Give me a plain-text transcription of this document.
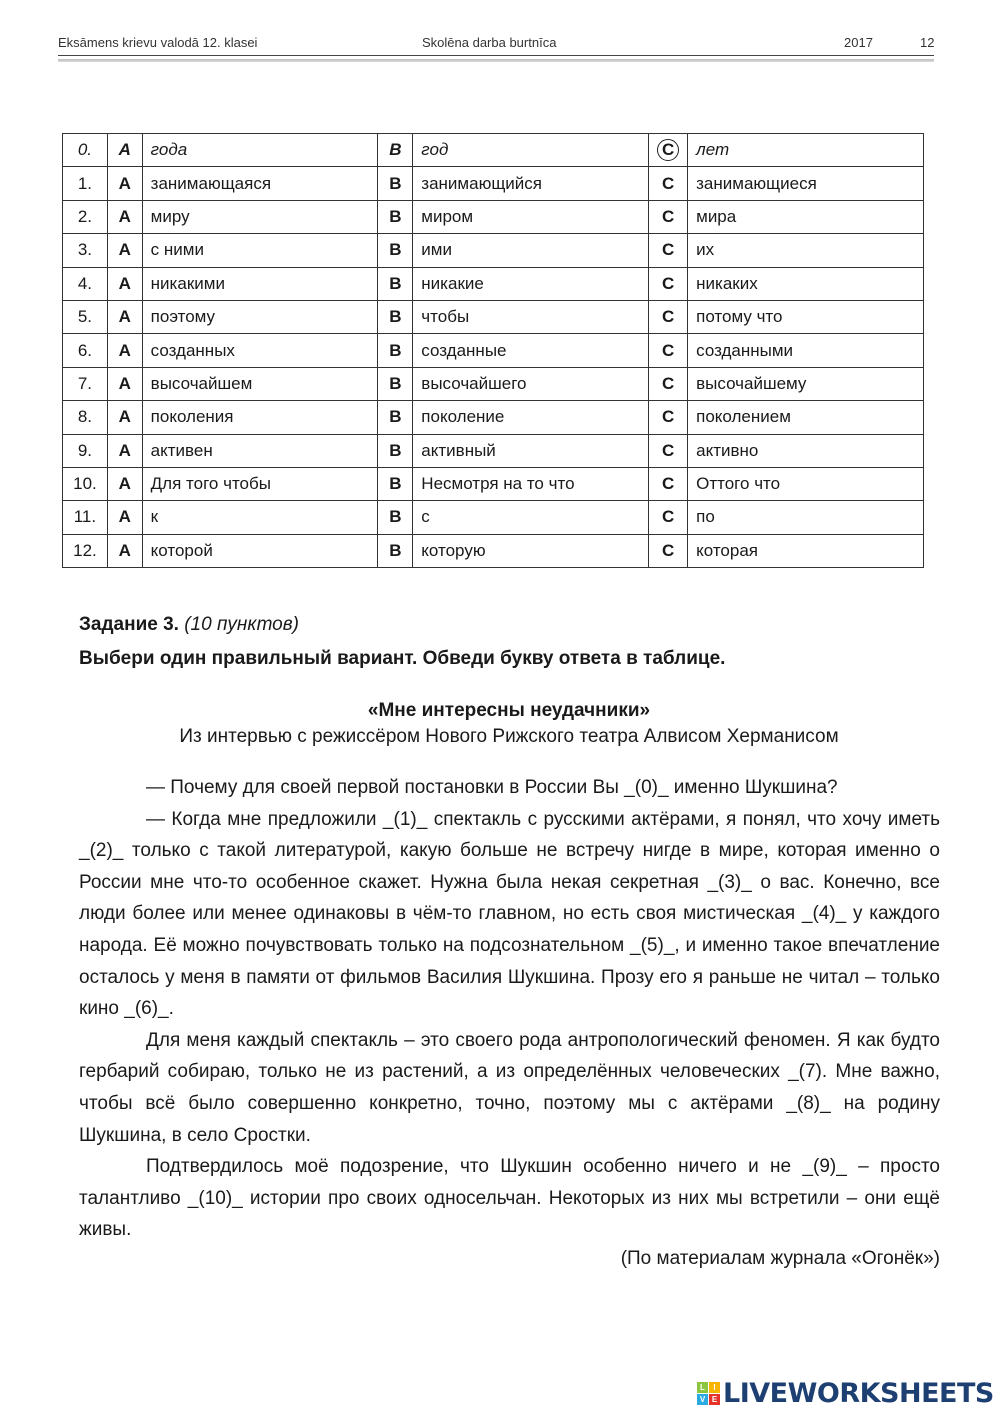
Eksāmens krievu valodā 12. klasei	Skolēna darba burtnīca	2017	12
0.	A	года	B	год	C	лет
1.	A	занимающаяся	B	занимающийся	C	занимающиеся
2.	A	миру	B	миром	C	мира
3.	A	с ними	B	ими	C	их
4.	A	никакими	B	никакие	C	никаких
5.	A	поэтому	B	чтобы	C	потому что
6.	A	созданных	B	созданные	C	созданными
7.	A	высочайшем	B	высочайшего	C	высочайшему
8.	A	поколения	B	поколение	C	поколением
9.	A	активен	B	активный	C	активно
10.	A	Для того чтобы	B	Несмотря на то что	C	Оттого что
11.	A	к	B	с	C	по
12.	A	которой	B	которую	C	которая
Задание 3. (10 пунктов)
Выбери один правильный вариант. Обведи букву ответа в таблице.
«Мне интересны неудачники»
Из интервью с режиссёром Нового Рижского театра Алвисом Херманисом

— Почему для своей первой постановки в России Вы _(0)_ именно Шукшина?

— Когда мне предложили _(1)_ спектакль с русскими актёрами, я понял, что хочу иметь _(2)_ только с такой литературой, какую больше не встречу нигде в мире, которая именно о России мне что-то особенное скажет. Нужна была некая секретная _(3)_ о вас. Конечно, все люди более или менее одинаковы в чём-то главном, но есть своя мистическая _(4)_ у каждого народа. Её можно почувствовать только на подсознательном _(5)_, и именно такое впечатление осталось у меня в памяти от фильмов Василия Шукшина. Прозу его я раньше не читал – только кино _(6)_.

Для меня каждый спектакль – это своего рода антропологический феномен. Я как будто гербарий собираю, только не из растений, а из определённых человеческих _(7). Мне важно, чтобы всё было совершенно конкретно, точно, поэтому мы с актёрами _(8)_ на родину Шукшина, в село Сростки.

Подтвердилось моё подозрение, что Шукшин особенно ничего и не _(9)_ – просто талантливо _(10)_ истории про своих односельчан. Некоторых из них мы встретили – они ещё живы.

(По материалам журнала «Огонёк»)
L	I
V E LIVEWORKSHEETS
